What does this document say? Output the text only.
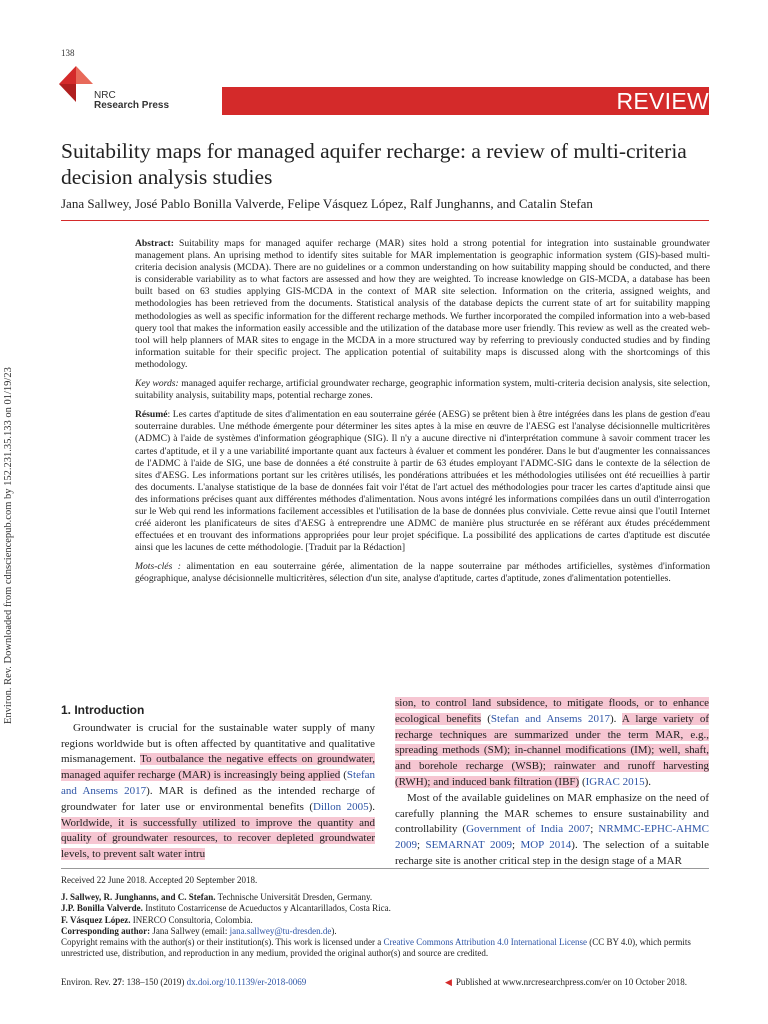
138
Environ. Rev. Downloaded from cdnsciencepub.com by 152.231.35.133 on 01/19/23
NRC
Research Press	REVIEW
Suitability maps for managed aquifer recharge: a review of multi-criteria decision analysis studies
Jana Sallwey, José Pablo Bonilla Valverde, Felipe Vásquez López, Ralf Junghanns, and Catalin Stefan

Abstract: Suitability maps for managed aquifer recharge (MAR) sites hold a strong potential for integration into sustainable groundwater management plans. An uprising method to identify sites suitable for MAR implementation is geographic information system (GIS)-based multi-criteria decision analysis (MCDA). There are no guidelines or a common understanding on how suitability mapping should be conducted, and there is considerable variability as to what factors are assessed and how they are weighted. To increase knowledge on GIS-MCDA, a database has been built based on 63 studies applying GIS-MCDA in the context of MAR site selection. Information on the criteria, assigned weights, and methodologies has been retrieved from the documents. Statistical analysis of the database depicts the current state of art for suitability mapping methodologies as well as specific information for the different recharge methods. We further incorporated the compiled information into a web-based query tool that makes the information easily accessible and the utilization of the database more user friendly. This review as well as the created web-tool will help planners of MAR sites to engage in the MCDA in a more structured way by referring to previously conducted studies and by finding information suitable for their specific project. The application potential of suitability maps is discussed along with the shortcomings of this methodology.

Key words: managed aquifer recharge, artificial groundwater recharge, geographic information system, multi-criteria decision analysis, site selection, suitability analysis, suitability maps, potential recharge zones.

Résumé: Les cartes d'aptitude de sites d'alimentation en eau souterraine gérée (AESG) se prêtent bien à être intégrées dans les plans de gestion d'eau souterraine durables. Une méthode émergente pour déterminer les sites aptes à la mise en œuvre de l'AESG est l'analyse décisionnelle multicritères (ADMC) à l'aide de systèmes d'information géographique (SIG). Il n'y a aucune directive ni d'interprétation commune à savoir comment tracer les cartes d'aptitude, et il y a une variabilité importante quant aux facteurs à évaluer et comment les pondérer. Dans le but d'augmenter les connaissances de l'ADMC à l'aide de SIG, une base de données a été construite à partir de 63 études employant l'ADMC-SIG dans le contexte de la sélection de sites d'AESG. Les informations portant sur les critères utilisés, les pondérations attribuées et les méthodologies utilisées ont été recueillies à partir des documents. L'analyse statistique de la base de données fait voir l'état de l'art actuel des méthodologies pour tracer les cartes d'aptitude ainsi que des informations précises quant aux différentes méthodes d'alimentation. Nous avons intégré les informations compilées dans un outil d'interrogation sur le Web qui rend les informations facilement accessibles et l'utilisation de la base de données plus conviviale. Cette revue ainsi que l'outil Internet créé aideront les planificateurs de sites d'AESG à entreprendre une ADMC de manière plus structurée en se référant aux études précédemment effectuées et en trouvant des informations appropriées pour leur projet spécifique. La possibilité des applications de cartes d'aptitude est discutée ainsi que les lacunes de cette méthodologie. [Traduit par la Rédaction]

Mots-clés : alimentation en eau souterraine gérée, alimentation de la nappe souterraine par méthodes artificielles, systèmes d'information géographique, analyse décisionnelle multicritères, sélection d'un site, analyse d'aptitude, cartes d'aptitude, zones d'alimentation potentielles.

1. Introduction

Groundwater is crucial for the sustainable water supply of many regions worldwide but is often affected by quantitative and qualitative mismanagement. To outbalance the negative effects on groundwater, managed aquifer recharge (MAR) is increasingly being applied (Stefan and Ansems 2017). MAR is defined as the intended recharge of groundwater for later use or environmental benefits (Dillon 2005). Worldwide, it is successfully utilized to improve the quantity and quality of groundwater resources, to recover depleted groundwater levels, to prevent salt water intru

Received 22 June 2018. Accepted 20 September 2018.

J. Sallwey, R. Junghanns, and C. Stefan. Technische Universität Dresden, Germany.

J.P. Bonilla Valverde. Instituto Costarricense de Acueductos y Alcantarillados, Costa Rica.

F. Vásquez López. INERCO Consultoria, Colombia.

Corresponding author: Jana Sallwey (email: jana.sallwey@tu-dresden.de).

Copyright remains with the author(s) or their institution(s). This work is licensed under a Creative Commons Attribution 4.0 International License (CC BY 4.0), which permits unrestricted use, distribution, and reproduction in any medium, provided the original author(s) and source are credited.

Environ. Rev. 27: 138–150 (2019) dx.doi.org/10.1139/er-2018-0069	◀ Published at www.nrcresearchpress.com/er on 10 October 2018.

sion, to control land subsidence, to mitigate floods, or to enhance ecological benefits (Stefan and Ansems 2017). A large variety of recharge techniques are summarized under the term MAR, e.g., spreading methods (SM); in-channel modifications (IM); well, shaft, and borehole recharge (WSB); rainwater and runoff harvesting (RWH); and induced bank filtration (IBF) (IGRAC 2015).

Most of the available guidelines on MAR emphasize on the need of carefully planning the MAR schemes to ensure sustainability and controllability (Government of India 2007; NRMMC-EPHC-AHMC 2009; SEMARNAT 2009; MOP 2014). The selection of a suitable recharge site is another critical step in the design stage of a MAR
